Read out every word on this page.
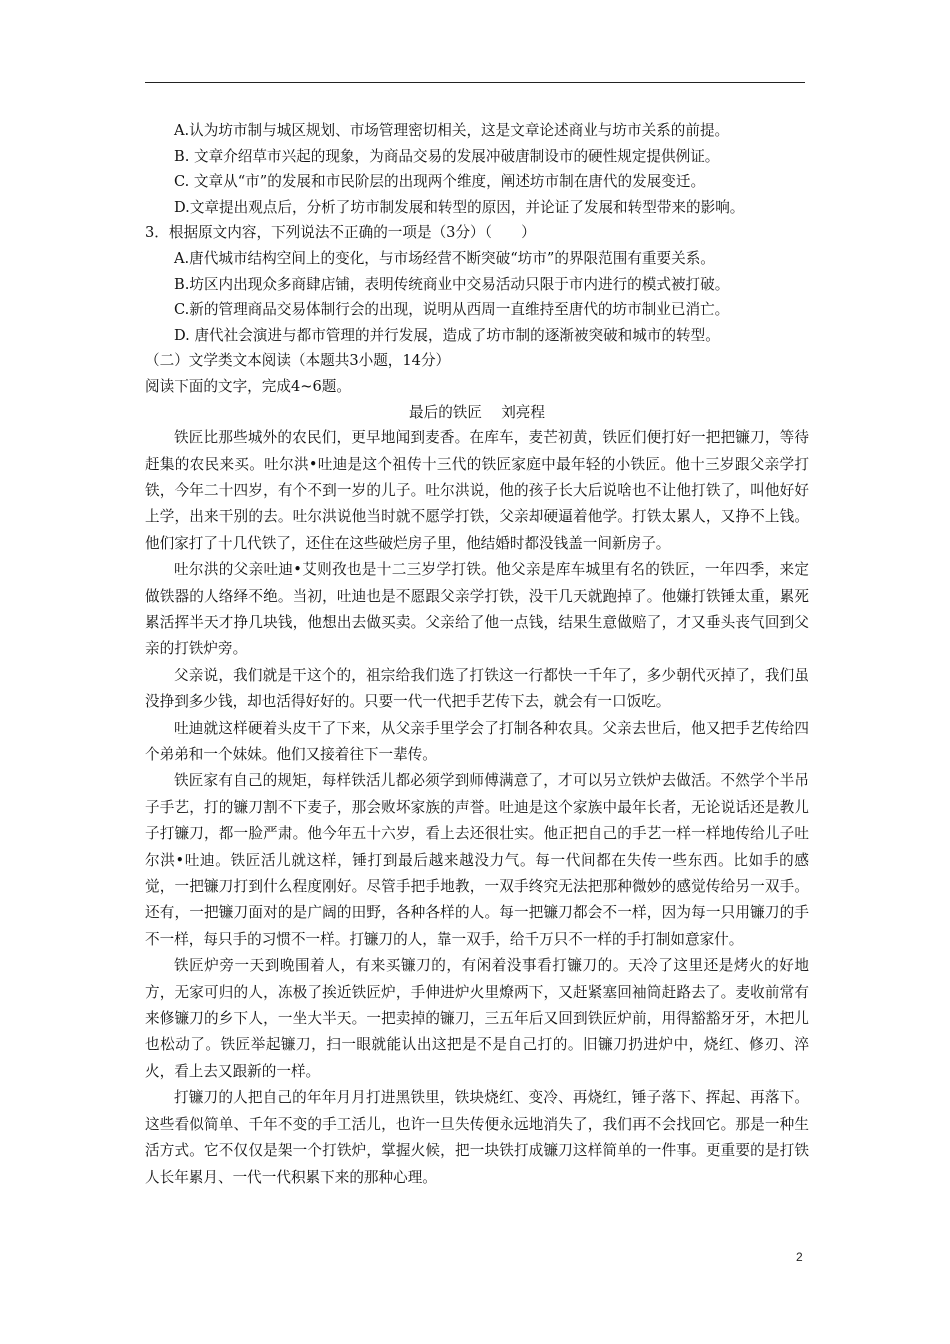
A.认为坊市制与城区规划、市场管理密切相关，这是文章论述商业与坊市关系的前提。
B. 文章介绍草市兴起的现象，为商品交易的发展冲破唐制设市的硬性规定提供例证。
C. 文章从“市”的发展和市民阶层的出现两个维度，阐述坊市制在唐代的发展变迁。
D.文章提出观点后，分析了坊市制发展和转型的原因，并论证了发展和转型带来的影响。
3．根据原文内容，下列说法不正确的一项是（3分）（　　）
A.唐代城市结构空间上的变化，与市场经营不断突破“坊市”的界限范围有重要关系。
B.坊区内出现众多商肆店铺，表明传统商业中交易活动只限于市内进行的模式被打破。
C.新的管理商品交易体制行会的出现，说明从西周一直维持至唐代的坊市制业已消亡。
D. 唐代社会演进与都市管理的并行发展，造成了坊市制的逐渐被突破和城市的转型。
（二）文学类文本阅读（本题共3小题，14分）
阅读下面的文字，完成4~6题。
最后的铁匠　 刘亮程
铁匠比那些城外的农民们，更早地闻到麦香。在库车，麦芒初黄，铁匠们便打好一把把镰刀，等待赶集的农民来买。吐尔洪•吐迪是这个祖传十三代的铁匠家庭中最年轻的小铁匠。他十三岁跟父亲学打铁，今年二十四岁，有个不到一岁的儿子。吐尔洪说，他的孩子长大后说啥也不让他打铁了，叫他好好上学，出来干别的去。吐尔洪说他当时就不愿学打铁，父亲却硬逼着他学。打铁太累人，又挣不上钱。他们家打了十几代铁了，还住在这些破烂房子里，他结婚时都没钱盖一间新房子。
吐尔洪的父亲吐迪•艾则孜也是十二三岁学打铁。他父亲是库车城里有名的铁匠，一年四季，来定做铁器的人络绎不绝。当初，吐迪也是不愿跟父亲学打铁，没干几天就跑掉了。他嫌打铁锤太重，累死累活挥半天才挣几块钱，他想出去做买卖。父亲给了他一点钱，结果生意做赔了，才又垂头丧气回到父亲的打铁炉旁。
父亲说，我们就是干这个的，祖宗给我们选了打铁这一行都快一千年了，多少朝代灭掉了，我们虽没挣到多少钱，却也活得好好的。只要一代一代把手艺传下去，就会有一口饭吃。
吐迪就这样硬着头皮干了下来，从父亲手里学会了打制各种农具。父亲去世后，他又把手艺传给四个弟弟和一个妹妹。他们又接着往下一辈传。
铁匠家有自己的规矩，每样铁活儿都必须学到师傅满意了，才可以另立铁炉去做活。不然学个半吊子手艺，打的镰刀割不下麦子，那会败坏家族的声誉。吐迪是这个家族中最年长者，无论说话还是教儿子打镰刀，都一脸严肃。他今年五十六岁，看上去还很壮实。他正把自己的手艺一样一样地传给儿子吐尔洪•吐迪。铁匠活儿就这样，锤打到最后越来越没力气。每一代间都在失传一些东西。比如手的感觉，一把镰刀打到什么程度刚好。尽管手把手地教，一双手终究无法把那种微妙的感觉传给另一双手。还有，一把镰刀面对的是广阔的田野，各种各样的人。每一把镰刀都会不一样，因为每一只用镰刀的手不一样，每只手的习惯不一样。打镰刀的人，靠一双手，给千万只不一样的手打制如意家什。
铁匠炉旁一天到晚围着人，有来买镰刀的，有闲着没事看打镰刀的。天冷了这里还是烤火的好地方，无家可归的人，冻极了挨近铁匠炉，手伸进炉火里燎两下，又赶紧塞回袖筒赶路去了。麦收前常有来修镰刀的乡下人，一坐大半天。一把卖掉的镰刀，三五年后又回到铁匠炉前，用得豁豁牙牙，木把儿也松动了。铁匠举起镰刀，扫一眼就能认出这把是不是自己打的。旧镰刀扔进炉中，烧红、修刃、淬火，看上去又跟新的一样。
打镰刀的人把自己的年年月月打进黑铁里，铁块烧红、变冷、再烧红，锤子落下、挥起、再落下。这些看似简单、千年不变的手工活儿，也许一旦失传便永远地消失了，我们再不会找回它。那是一种生活方式。它不仅仅是架一个打铁炉，掌握火候，把一块铁打成镰刀这样简单的一件事。更重要的是打铁人长年累月、一代一代积累下来的那种心理。
2
